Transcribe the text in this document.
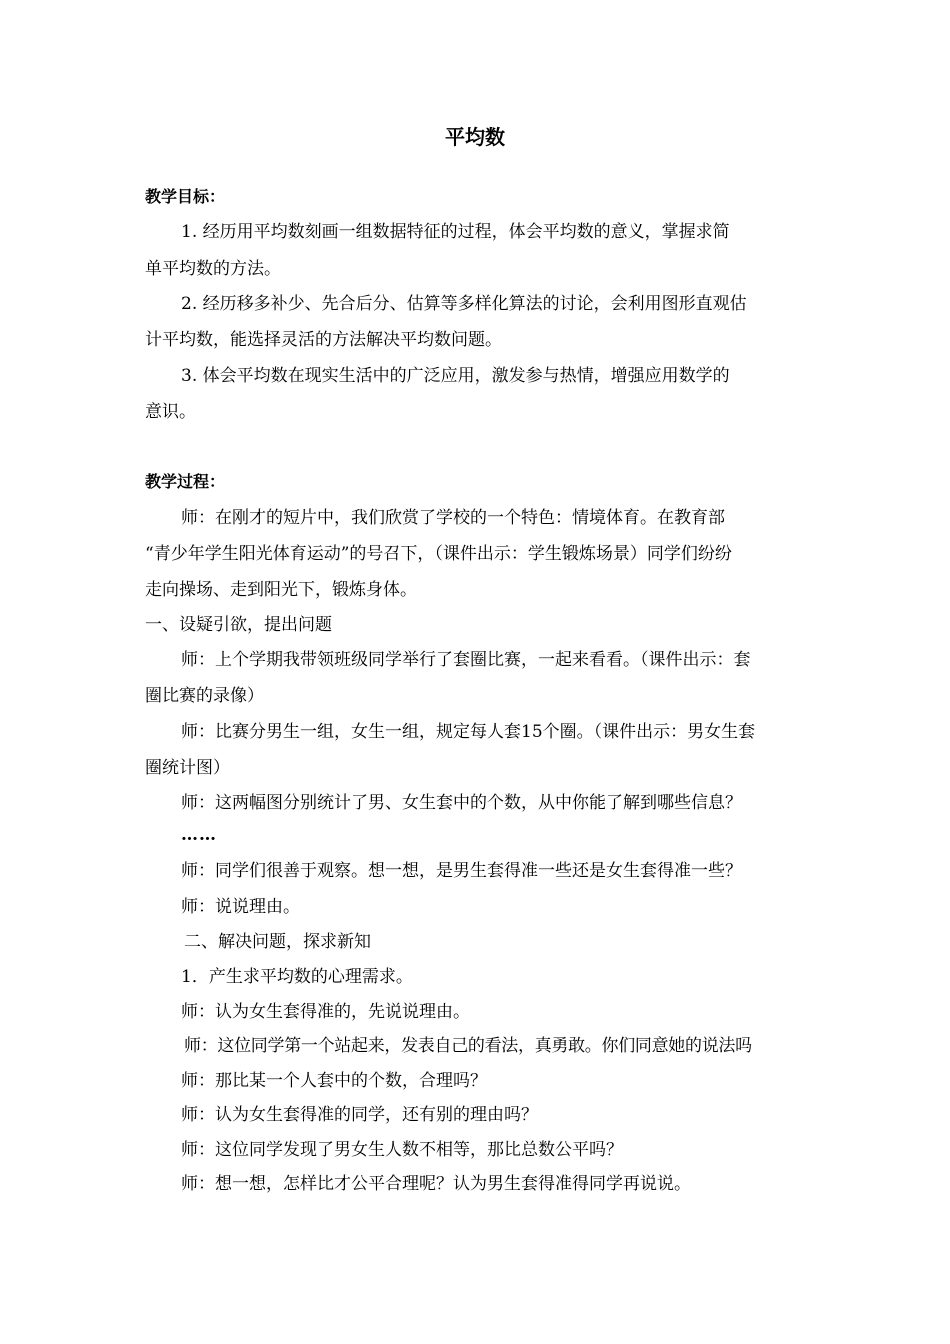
平均数
教学目标：
1. 经历用平均数刻画一组数据特征的过程，体会平均数的意义，掌握求简
单平均数的方法。
2. 经历移多补少、先合后分、估算等多样化算法的讨论，会利用图形直观估
计平均数，能选择灵活的方法解决平均数问题。
3. 体会平均数在现实生活中的广泛应用，激发参与热情，增强应用数学的
意识。
教学过程：
师：在刚才的短片中，我们欣赏了学校的一个特色：情境体育。在教育部
“青少年学生阳光体育运动”的号召下，（课件出示：学生锻炼场景）同学们纷纷
走向操场、走到阳光下，锻炼身体。
一、设疑引欲，提出问题
师：上个学期我带领班级同学举行了套圈比赛，一起来看看。（课件出示：套
圈比赛的录像）
师：比赛分男生一组，女生一组，规定每人套15个圈。（课件出示：男女生套
圈统计图）
师：这两幅图分别统计了男、女生套中的个数，从中你能了解到哪些信息？
……
师：同学们很善于观察。想一想，是男生套得准一些还是女生套得准一些？
师：说说理由。
二、解决问题，探求新知
1．产生求平均数的心理需求。
师：认为女生套得准的，先说说理由。
师：这位同学第一个站起来，发表自己的看法，真勇敢。你们同意她的说法吗
师：那比某一个人套中的个数，合理吗？
师：认为女生套得准的同学，还有别的理由吗？
师：这位同学发现了男女生人数不相等，那比总数公平吗？
师：想一想，怎样比才公平合理呢？认为男生套得准得同学再说说。
